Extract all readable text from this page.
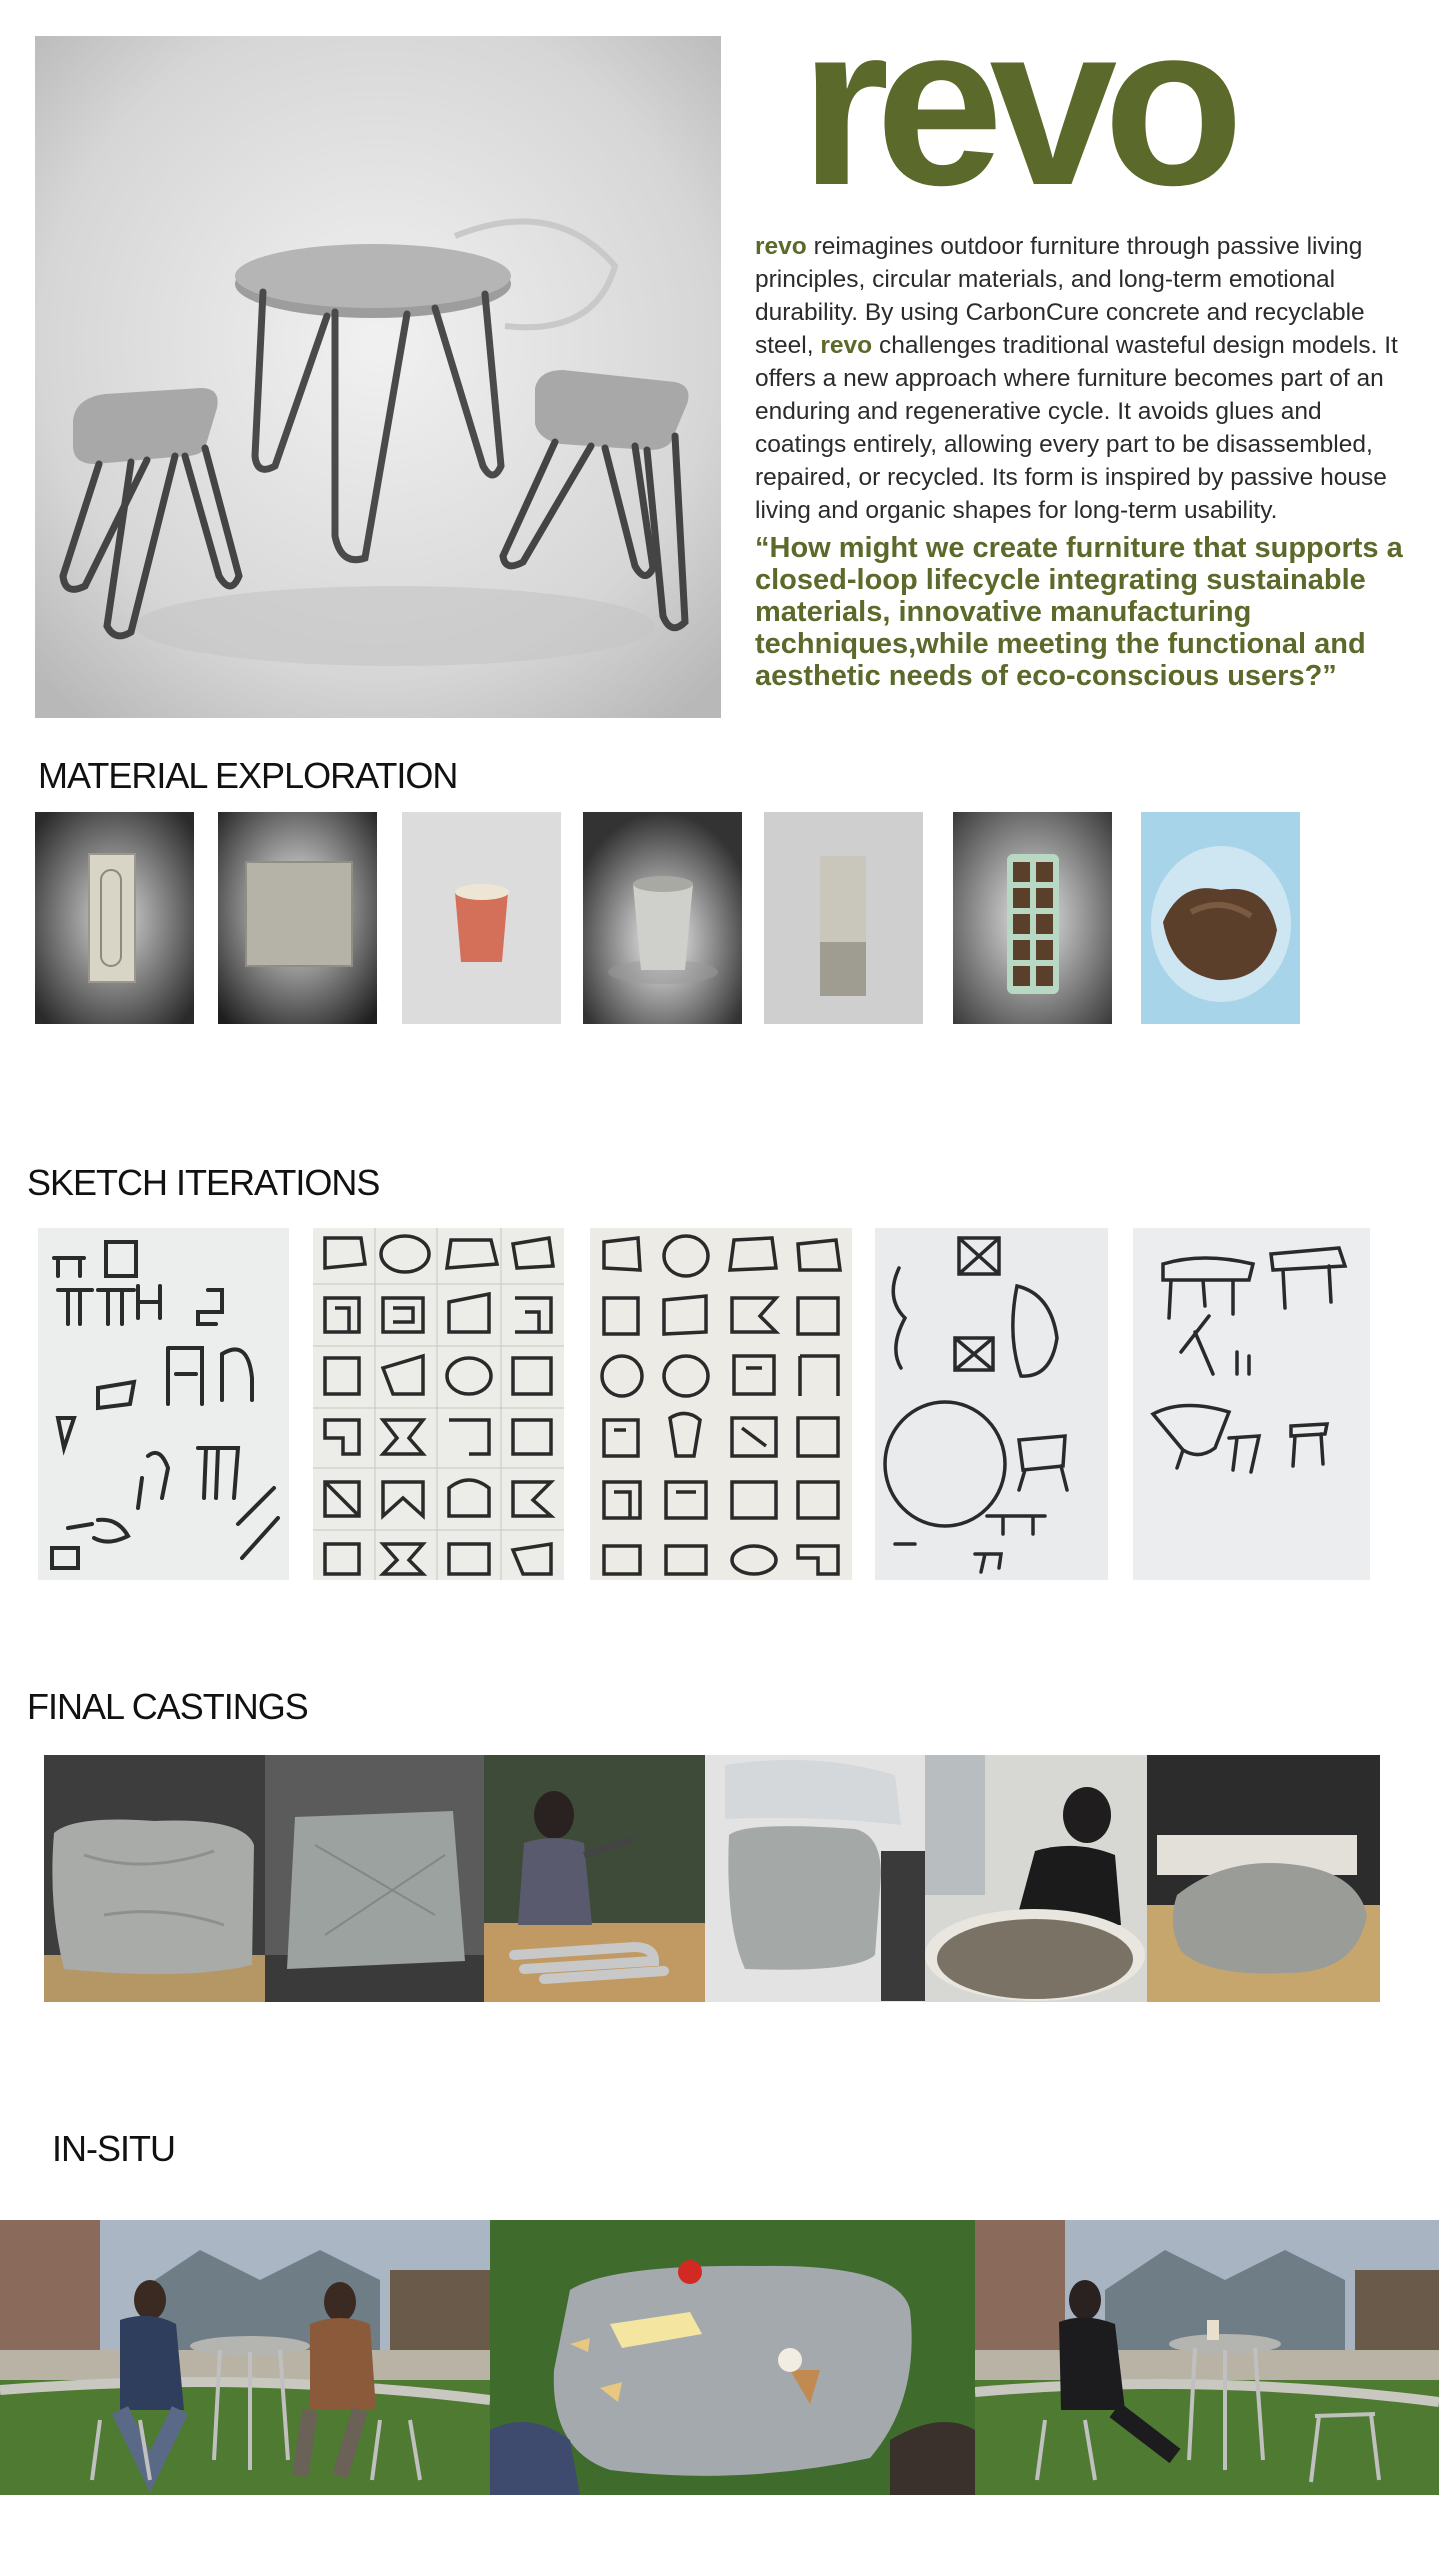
revo

revo reimagines outdoor furniture through passive living principles, circular materials, and long-term emotional durability. By using CarbonCure concrete and recyclable steel, revo challenges traditional wasteful design models. It offers a new approach where furniture becomes part of an enduring and regenerative cycle. It avoids glues and coatings entirely, allowing every part to be disassembled, repaired, or recycled. Its form is inspired by passive house living and organic shapes for long-term usability.

“How might we create furniture that supports a closed-loop lifecycle integrating sustainable materials, innovative manufacturing techniques,while meeting the functional and aesthetic needs of eco-conscious users?”

MATERIAL EXPLORATION
SKETCH ITERATIONS
FINAL CASTINGS
IN-SITU
